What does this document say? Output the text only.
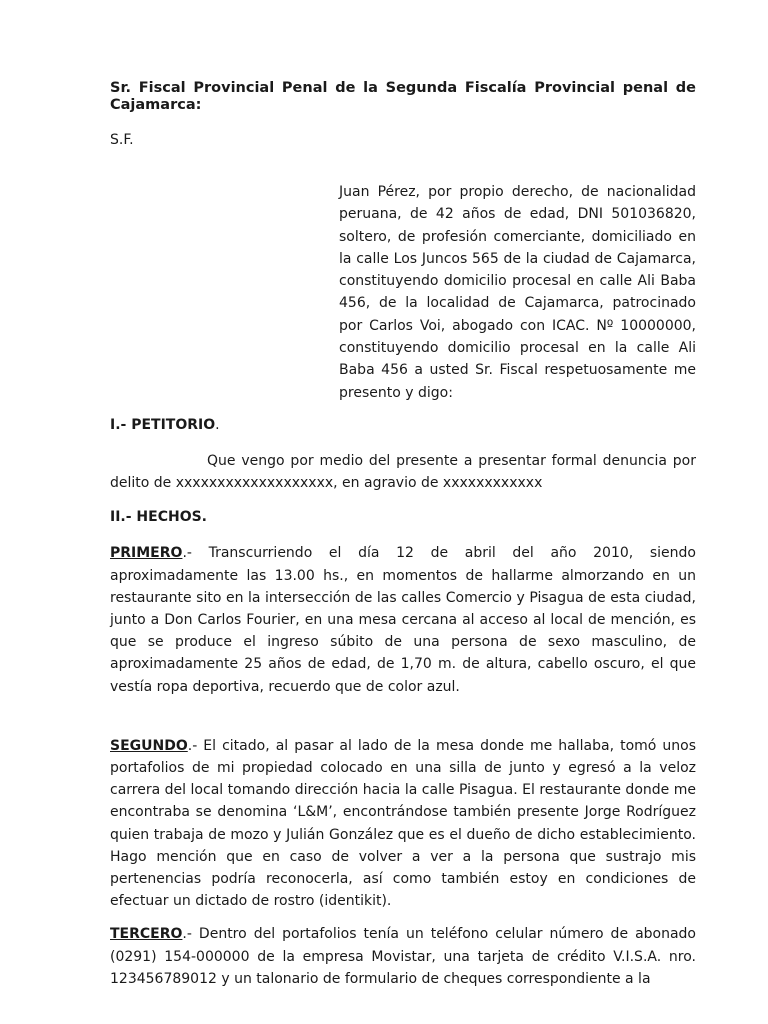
Sr. Fiscal Provincial Penal de la Segunda Fiscalía Provincial penal de Cajamarca:

S.F.
Juan Pérez, por propio derecho, de nacionalidad peruana, de 42 años de edad, DNI 501036820, soltero, de profesión comerciante, domiciliado en la calle Los Juncos 565 de la ciudad de Cajamarca, constituyendo domicilio procesal en calle Ali Baba 456, de la localidad de Cajamarca, patrocinado por Carlos Voi, abogado con ICAC. Nº 10000000, constituyendo domicilio procesal en la calle Ali Baba 456 a usted Sr. Fiscal respetuosamente me presento y digo:
I.- PETITORIO.
Que vengo por medio del presente a presentar formal denuncia por delito de xxxxxxxxxxxxxxxxxxx, en agravio de xxxxxxxxxxxx
II.- HECHOS.
PRIMERO.- Transcurriendo el día 12 de abril del año 2010, siendo aproximadamente las 13.00 hs., en momentos de hallarme almorzando en un restaurante sito en la intersección de las calles Comercio y Pisagua de esta ciudad, junto a Don Carlos Fourier, en una mesa cercana al acceso al local de mención, es que se produce el ingreso súbito de una persona de sexo masculino, de aproximadamente 25 años de edad, de 1,70 m. de altura, cabello oscuro, el que vestía ropa deportiva, recuerdo que de color azul.
SEGUNDO.- El citado, al pasar al lado de la mesa donde me hallaba, tomó unos portafolios de mi propiedad colocado en una silla de junto y egresó a la veloz carrera del local tomando dirección hacia la calle Pisagua. El restaurante donde me encontraba se denomina ‘L&M’, encontrándose también presente Jorge Rodríguez quien trabaja de mozo y Julián González que es el dueño de dicho establecimiento. Hago mención que en caso de volver a ver a la persona que sustrajo mis pertenencias podría reconocerla, así como también estoy en condiciones de efectuar un dictado de rostro (identikit).
TERCERO.- Dentro del portafolios tenía un teléfono celular número de abonado (0291) 154-000000 de la empresa Movistar, una tarjeta de crédito V.I.S.A. nro. 123456789012 y un talonario de formulario de cheques correspondiente a la
